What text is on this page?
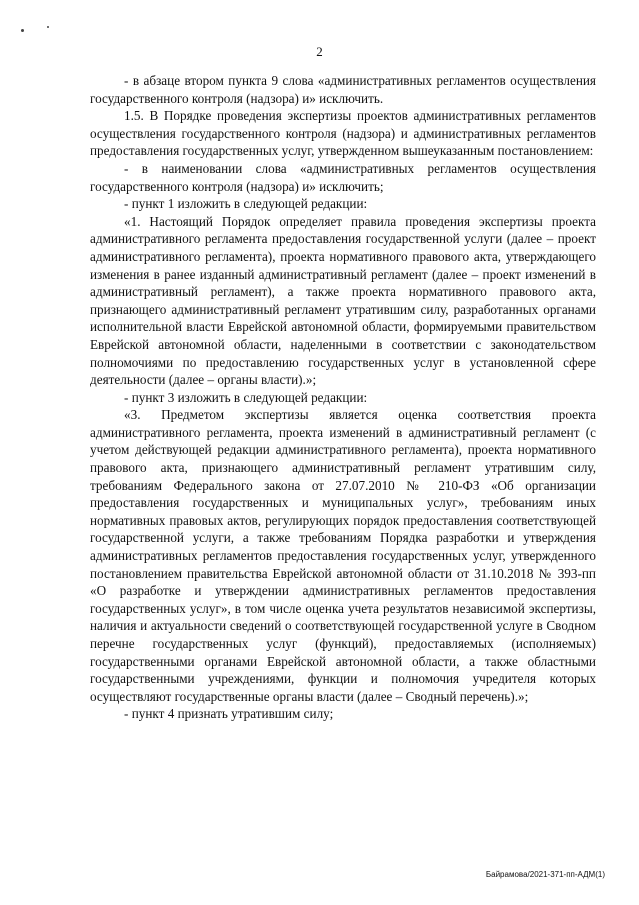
2

- в абзаце втором пункта 9 слова «административных регламентов осуществления государственного контроля (надзора) и» исключить.

1.5. В Порядке проведения экспертизы проектов административных регламентов осуществления государственного контроля (надзора) и административных регламентов предоставления государственных услуг, утвержденном вышеуказанным постановлением:

- в наименовании слова «административных регламентов осуществления государственного контроля (надзора) и» исключить;

- пункт 1 изложить в следующей редакции:

«1. Настоящий Порядок определяет правила проведения экспертизы проекта административного регламента предоставления государственной услуги (далее – проект административного регламента), проекта нормативного правового акта, утверждающего изменения в ранее изданный административный регламент (далее – проект изменений в административный регламент), а также проекта нормативного правового акта, признающего административный регламент утратившим силу, разработанных органами исполнительной власти Еврейской автономной области, формируемыми правительством Еврейской автономной области, наделенными в соответствии с законодательством полномочиями по предоставлению государственных услуг в установленной сфере деятельности (далее – органы власти).»;

- пункт 3 изложить в следующей редакции:

«3. Предметом экспертизы является оценка соответствия проекта административного регламента, проекта изменений в административный регламент (с учетом действующей редакции административного регламента), проекта нормативного правового акта, признающего административный регламент утратившим силу, требованиям Федерального закона от 27.07.2010 № 210-ФЗ «Об организации предоставления государственных и муниципальных услуг», требованиям иных нормативных правовых актов, регулирующих порядок предоставления соответствующей государственной услуги, а также требованиям Порядка разработки и утверждения административных регламентов предоставления государственных услуг, утвержденного постановлением правительства Еврейской автономной области от 31.10.2018 № 393-пп «О разработке и утверждении административных регламентов предоставления государственных услуг», в том числе оценка учета результатов независимой экспертизы, наличия и актуальности сведений о соответствующей государственной услуге в Сводном перечне государственных услуг (функций), предоставляемых (исполняемых) государственными органами Еврейской автономной области, а также областными государственными учреждениями, функции и полномочия учредителя которых осуществляют государственные органы власти (далее – Сводный перечень).»;

- пункт 4 признать утратившим силу;

Байрамова/2021-371-пп-АДМ(1)
